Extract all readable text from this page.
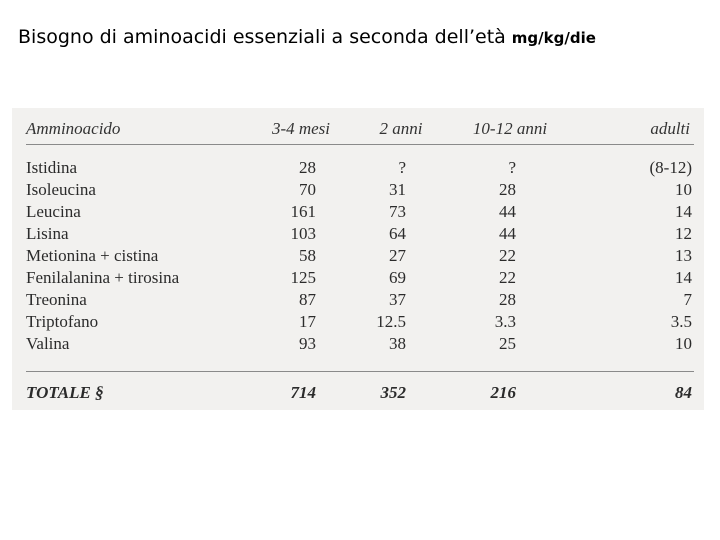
Bisogno di aminoacidi essenziali a seconda dell’età mg/kg/die
Amminoacido	3-4 mesi	2 anni	10-12 anni	adulti

Istidina	28	?	?	(8-12)
Isoleucina	70	31	28	10
Leucina	161	73	44	14
Lisina	103	64	44	12
Metionina + cistina	58	27	22	13
Fenilalanina + tirosina	125	69	22	14
Treonina	87	37	28	7
Triptofano	17	12.5	3.3	3.5
Valina	93	38	25	10

TOTALE §	714	352	216	84
